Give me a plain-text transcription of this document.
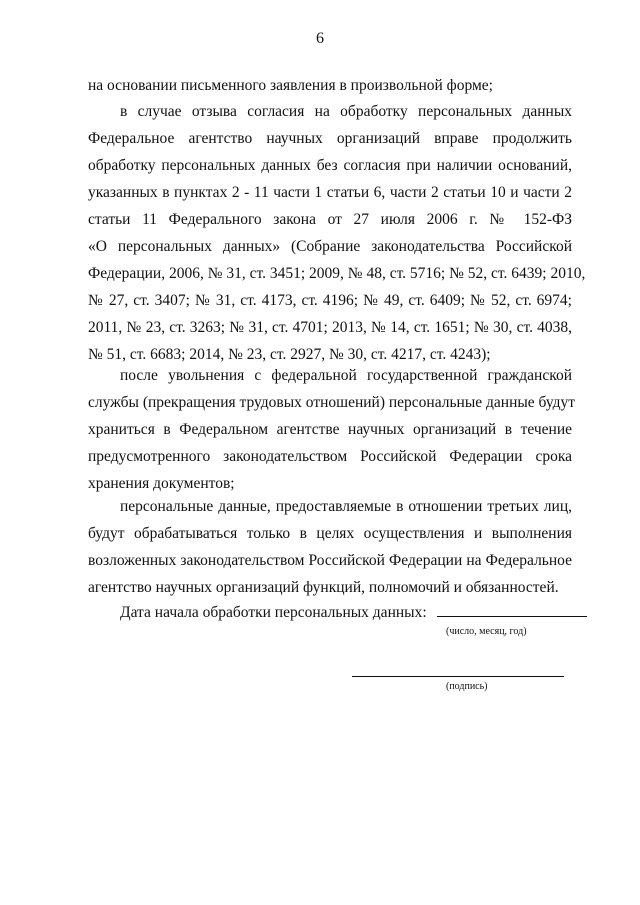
6
на основании письменного заявления в произвольной форме;
в случае отзыва согласия на обработку персональных данных
Федеральное агентство научных организаций вправе продолжить
обработку персональных данных без согласия при наличии оснований,
указанных в пунктах 2 - 11 части 1 статьи 6, части 2 статьи 10 и части 2
статьи 11 Федерального закона от 27 июля 2006 г. № 152-ФЗ
«О персональных данных» (Собрание законодательства Российской
Федерации, 2006, № 31, ст. 3451; 2009, № 48, ст. 5716; № 52, ст. 6439; 2010,
№ 27, ст. 3407; № 31, ст. 4173, ст. 4196; № 49, ст. 6409; № 52, ст. 6974;
2011, № 23, ст. 3263; № 31, ст. 4701; 2013, № 14, ст. 1651; № 30, ст. 4038,
№ 51, ст. 6683; 2014, № 23, ст. 2927, № 30, ст. 4217, ст. 4243);
после увольнения с федеральной государственной гражданской
службы (прекращения трудовых отношений) персональные данные будут
храниться в Федеральном агентстве научных организаций в течение
предусмотренного законодательством Российской Федерации срока
хранения документов;
персональные данные, предоставляемые в отношении третьих лиц,
будут обрабатываться только в целях осуществления и выполнения
возложенных законодательством Российской Федерации на Федеральное
агентство научных организаций функций, полномочий и обязанностей.
Дата начала обработки персональных данных:
(число, месяц, год)
(подпись)
